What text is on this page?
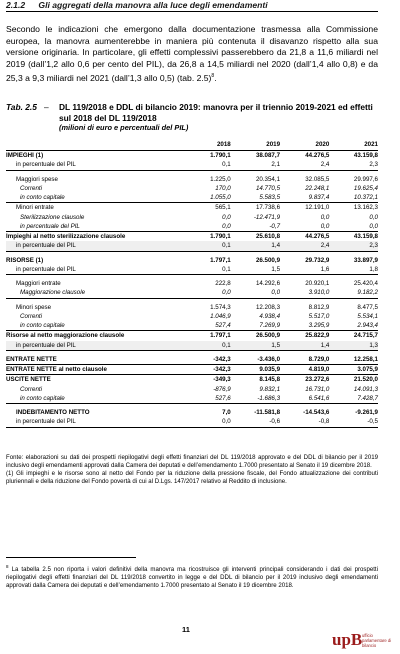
2.1.2 Gli aggregati della manovra alla luce degli emendamenti
Secondo le indicazioni che emergono dalla documentazione trasmessa alla Commissione europea, la manovra aumenterebbe in maniera più contenuta il disavanzo rispetto alla sua versione originaria. In particolare, gli effetti complessivi passerebbero da 21,8 a 11,6 miliardi nel 2019 (dall’1,2 allo 0,6 per cento del PIL), da 26,8 a 14,5 miliardi nel 2020 (dall’1,4 allo 0,8) e da 25,3 a 9,3 miliardi nel 2021 (dall’1,3 allo 0,5) (tab. 2.5)$^8$.
Tab. 2.5 – DL 119/2018 e DDL di bilancio 2019: manovra per il triennio 2019-2021 ed effetti sul 2018 del DL 119/2018
(milioni di euro e percentuali del PIL)
	2018	2019	2020	2021
IMPIEGHI (1)	1.790,1	38.087,7	44.276,5	43.159,8
in percentuale del PIL	0,1	2,1	2,4	2,3

Maggiori spese	1.225,0	20.354,1	32.085,5	29.997,6
Correnti	170,0	14.770,5	22.248,1	19.625,4
in conto capitale	1.055,0	5.583,5	9.837,4	10.372,1
Minori entrate	565,1	17.738,6	12.191,0	13.162,3
Sterilizzazione clausole	0,0	-12.471,9	0,0	0,0
in percentuale del PIL	0,0	-0,7	0,0	0,0
Impieghi al netto sterilizzazione clausole	1.790,1	25.610,8	44.276,5	43.159,8
in percentuale del PIL	0,1	1,4	2,4	2,3

RISORSE (1)	1.797,1	26.500,9	29.732,9	33.897,9
in percentuale del PIL	0,1	1,5	1,6	1,8

Maggiori entrate	222,8	14.292,6	20.920,1	25.420,4
Maggiorazione clausole	0,0	0,0	3.910,0	9.182,2

Minori spese	1.574,3	12.208,3	8.812,9	8.477,5
Correnti	1.046,9	4.938,4	5.517,0	5.534,1
in conto capitale	527,4	7.269,9	3.295,9	2.943,4
Risorse al netto maggiorazione clausole	1.797,1	26.500,9	25.822,9	24.715,7
in percentuale del PIL	0,1	1,5	1,4	1,3

ENTRATE NETTE	-342,3	-3.436,0	8.729,0	12.258,1
ENTRATE NETTE al netto clausole	-342,3	9.035,9	4.819,0	3.075,9
USCITE NETTE	-349,3	8.145,8	23.272,6	21.520,0
Correnti	-876,9	9.832,1	16.731,0	14.091,3
in conto capitale	527,6	-1.686,3	6.541,6	7.428,7

INDEBITAMENTO NETTO	7,0	-11.581,8	-14.543,6	-9.261,9
in percentuale del PIL	0,0	-0,6	-0,8	-0,5
Fonte: elaborazioni su dati dei prospetti riepilogativi degli effetti finanziari del DL 119/2018 approvato e del DDL di bilancio per il 2019 inclusivo degli emendamenti approvati dalla Camera dei deputati e dell’emendamento 1.7000 presentato al Senato il 19 dicembre 2018.
(1) Gli impieghi e le risorse sono al netto del Fondo per la riduzione della pressione fiscale, del Fondo attualizzazione dei contributi pluriennali e della riduzione del Fondo povertà di cui al D.Lgs. 147/2017 relativo al Reddito di inclusione.
$^8$ La tabella 2.5 non riporta i valori definitivi della manovra ma ricostruisce gli interventi principali considerando i dati dei prospetti riepilogativi degli effetti finanziari del DL 119/2018 convertito in legge e del DDL di bilancio per il 2019 inclusivo degli emendamenti approvati dalla Camera dei deputati e dell’emendamento 1.7000 presentato al Senato il 19 dicembre 2018.
11
upB ufficio parlamentare di bilancio
